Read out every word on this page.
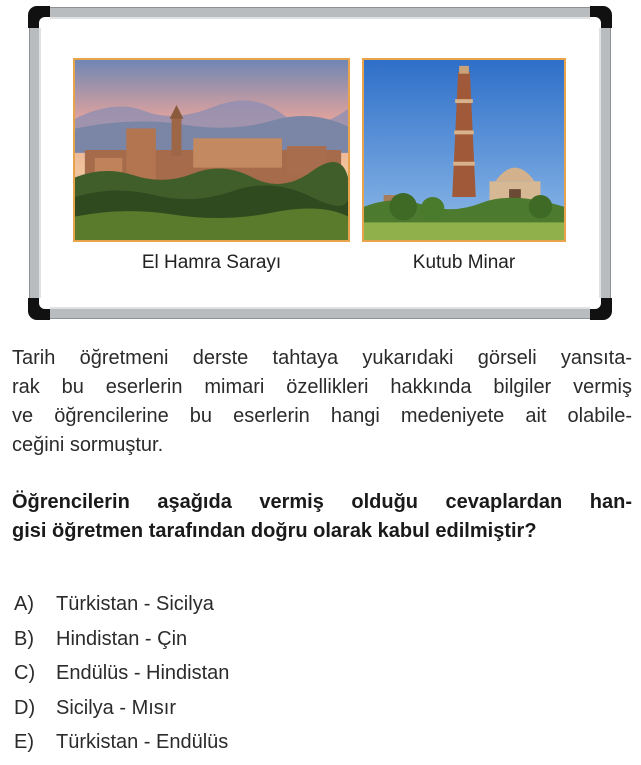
El Hamra Sarayı	Kutub Minar
Tarih öğretmeni derste tahtaya yukarıdaki görseli yansıta-
rak bu eserlerin mimari özellikleri hakkında bilgiler vermiş
ve öğrencilerine bu eserlerin hangi medeniyete ait olabile-
ceğini sormuştur.
Öğrencilerin aşağıda vermiş olduğu cevaplardan han-
gisi öğretmen tarafından doğru olarak kabul edilmiştir?
A)	Türkistan - Sicilya
B)	Hindistan - Çin
C)	Endülüs - Hindistan
D)	Sicilya - Mısır
E)	Türkistan - Endülüs
